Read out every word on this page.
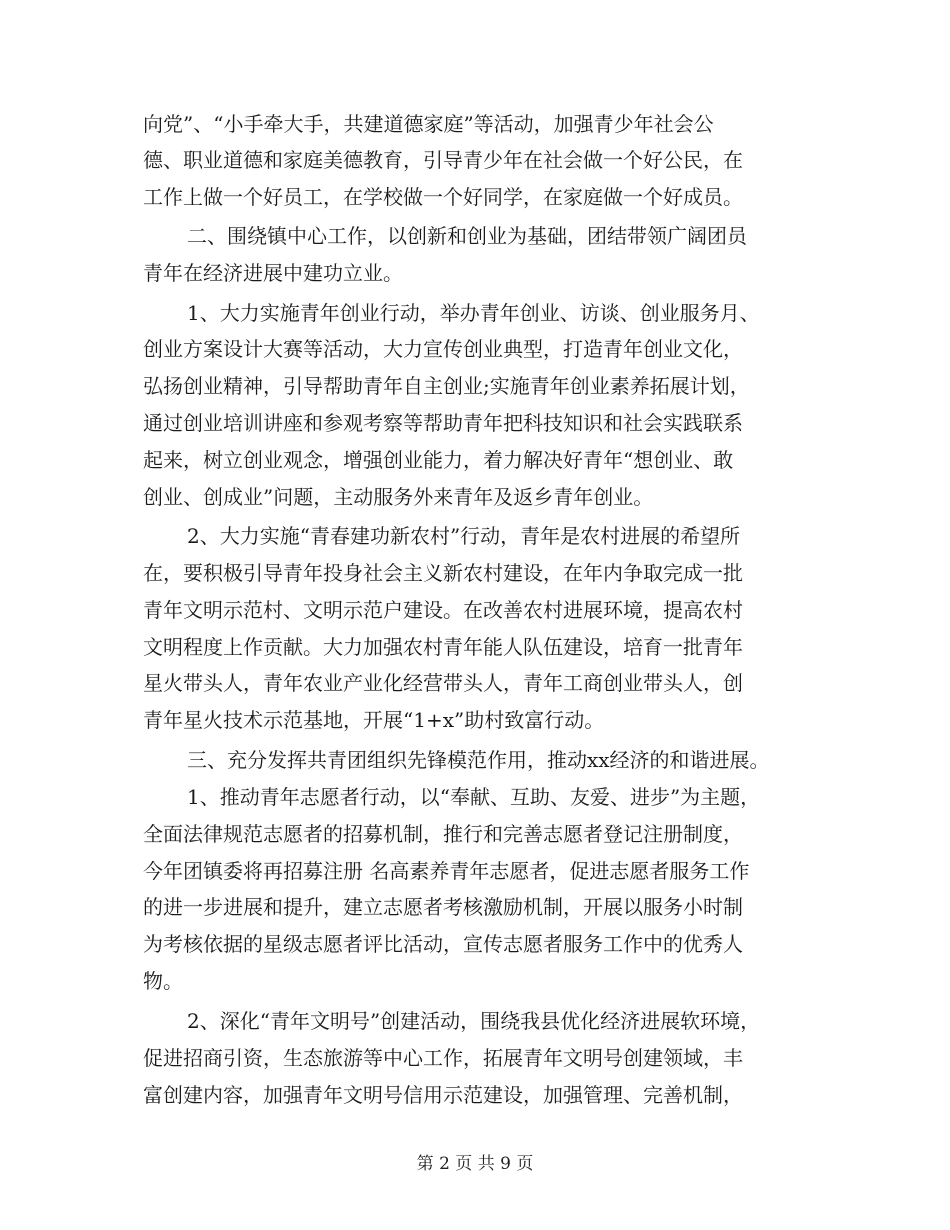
向党”、“小手牵大手，共建道德家庭”等活动，加强青少年社会公
德、职业道德和家庭美德教育，引导青少年在社会做一个好公民，在
工作上做一个好员工，在学校做一个好同学，在家庭做一个好成员。
二、围绕镇中心工作，以创新和创业为基础，团结带领广阔团员
青年在经济进展中建功立业。
1、大力实施青年创业行动，举办青年创业、访谈、创业服务月、
创业方案设计大赛等活动，大力宣传创业典型，打造青年创业文化，
弘扬创业精神，引导帮助青年自主创业;实施青年创业素养拓展计划，
通过创业培训讲座和参观考察等帮助青年把科技知识和社会实践联系
起来，树立创业观念，增强创业能力，着力解决好青年“想创业、敢
创业、创成业”问题，主动服务外来青年及返乡青年创业。
2、大力实施“青春建功新农村”行动，青年是农村进展的希望所
在，要积极引导青年投身社会主义新农村建设，在年内争取完成一批
青年文明示范村、文明示范户建设。在改善农村进展环境，提高农村
文明程度上作贡献。大力加强农村青年能人队伍建设，培育一批青年
星火带头人，青年农业产业化经营带头人，青年工商创业带头人，创
青年星火技术示范基地，开展“1+x”助村致富行动。
三、充分发挥共青团组织先锋模范作用，推动xx经济的和谐进展。
1、推动青年志愿者行动，以“奉献、互助、友爱、进步”为主题，
全面法律规范志愿者的招募机制，推行和完善志愿者登记注册制度，
今年团镇委将再招募注册 名高素养青年志愿者，促进志愿者服务工作
的进一步进展和提升，建立志愿者考核激励机制，开展以服务小时制
为考核依据的星级志愿者评比活动，宣传志愿者服务工作中的优秀人
物。
2、深化“青年文明号”创建活动，围绕我县优化经济进展软环境，
促进招商引资，生态旅游等中心工作，拓展青年文明号创建领域，丰
富创建内容，加强青年文明号信用示范建设，加强管理、完善机制，
第 2 页 共 9 页
